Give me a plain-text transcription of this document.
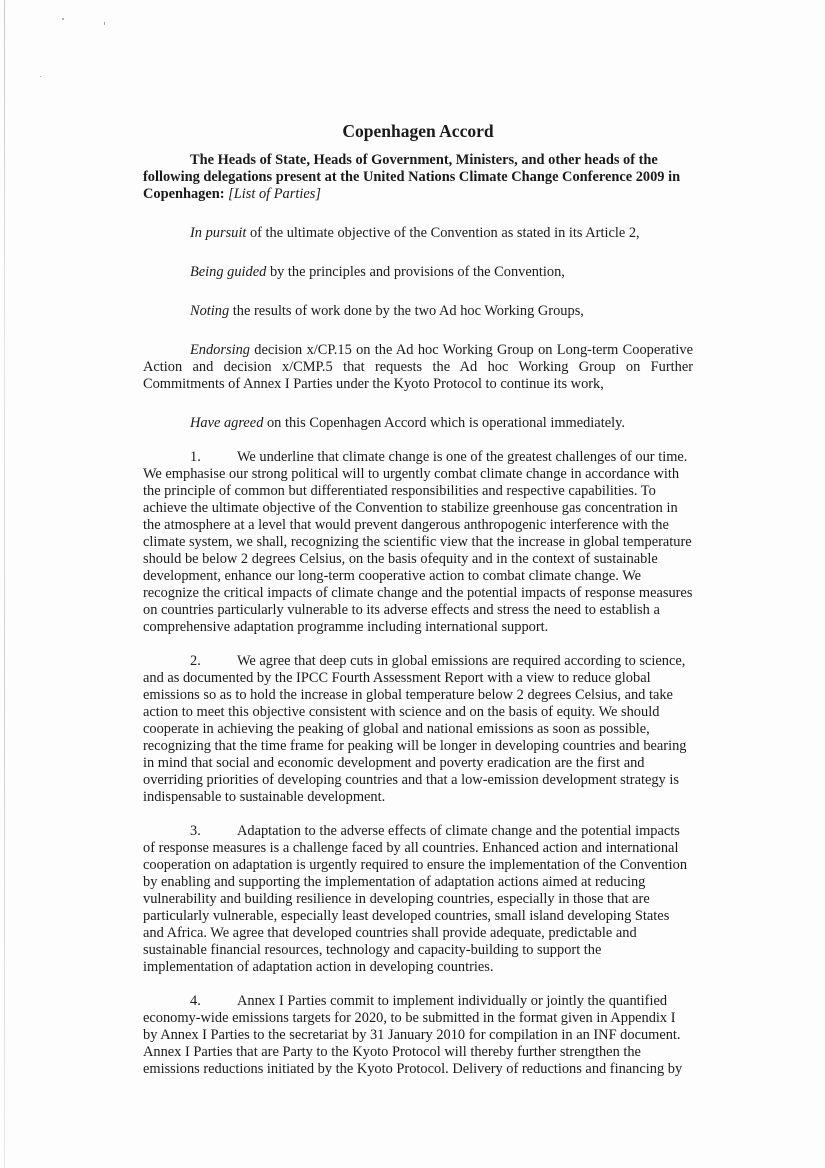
Copenhagen Accord

The Heads of State, Heads of Government, Ministers, and other heads of the following delegations present at the United Nations Climate Change Conference 2009 in Copenhagen: [List of Parties]

In pursuit of the ultimate objective of the Convention as stated in its Article 2,

Being guided by the principles and provisions of the Convention,

Noting the results of work done by the two Ad hoc Working Groups,

Endorsing decision x/CP.15 on the Ad hoc Working Group on Long-term Cooperative Action and decision x/CMP.5 that requests the Ad hoc Working Group on Further Commitments of Annex I Parties under the Kyoto Protocol to continue its work,

Have agreed on this Copenhagen Accord which is operational immediately.

1.	We underline that climate change is one of the greatest challenges of our time. We emphasise our strong political will to urgently combat climate change in accordance with the principle of common but differentiated responsibilities and respective capabilities. To achieve the ultimate objective of the Convention to stabilize greenhouse gas concentration in the atmosphere at a level that would prevent dangerous anthropogenic interference with the climate system, we shall, recognizing the scientific view that the increase in global temperature should be below 2 degrees Celsius, on the basis ofequity and in the context of sustainable development, enhance our long-term cooperative action to combat climate change. We recognize the critical impacts of climate change and the potential impacts of response measures on countries particularly vulnerable to its adverse effects and stress the need to establish a comprehensive adaptation programme including international support.

2.	We agree that deep cuts in global emissions are required according to science, and as documented by the IPCC Fourth Assessment Report with a view to reduce global emissions so as to hold the increase in global temperature below 2 degrees Celsius, and take action to meet this objective consistent with science and on the basis of equity. We should cooperate in achieving the peaking of global and national emissions as soon as possible, recognizing that the time frame for peaking will be longer in developing countries and bearing in mind that social and economic development and poverty eradication are the first and overriding priorities of developing countries and that a low-emission development strategy is indispensable to sustainable development.

3.	Adaptation to the adverse effects of climate change and the potential impacts of response measures is a challenge faced by all countries. Enhanced action and international cooperation on adaptation is urgently required to ensure the implementation of the Convention by enabling and supporting the implementation of adaptation actions aimed at reducing vulnerability and building resilience in developing countries, especially in those that are particularly vulnerable, especially least developed countries, small island developing States and Africa. We agree that developed countries shall provide adequate, predictable and sustainable financial resources, technology and capacity-building to support the implementation of adaptation action in developing countries.

4.	Annex I Parties commit to implement individually or jointly the quantified economy-wide emissions targets for 2020, to be submitted in the format given in Appendix I by Annex I Parties to the secretariat by 31 January 2010 for compilation in an INF document. Annex I Parties that are Party to the Kyoto Protocol will thereby further strengthen the emissions reductions initiated by the Kyoto Protocol. Delivery of reductions and financing by
